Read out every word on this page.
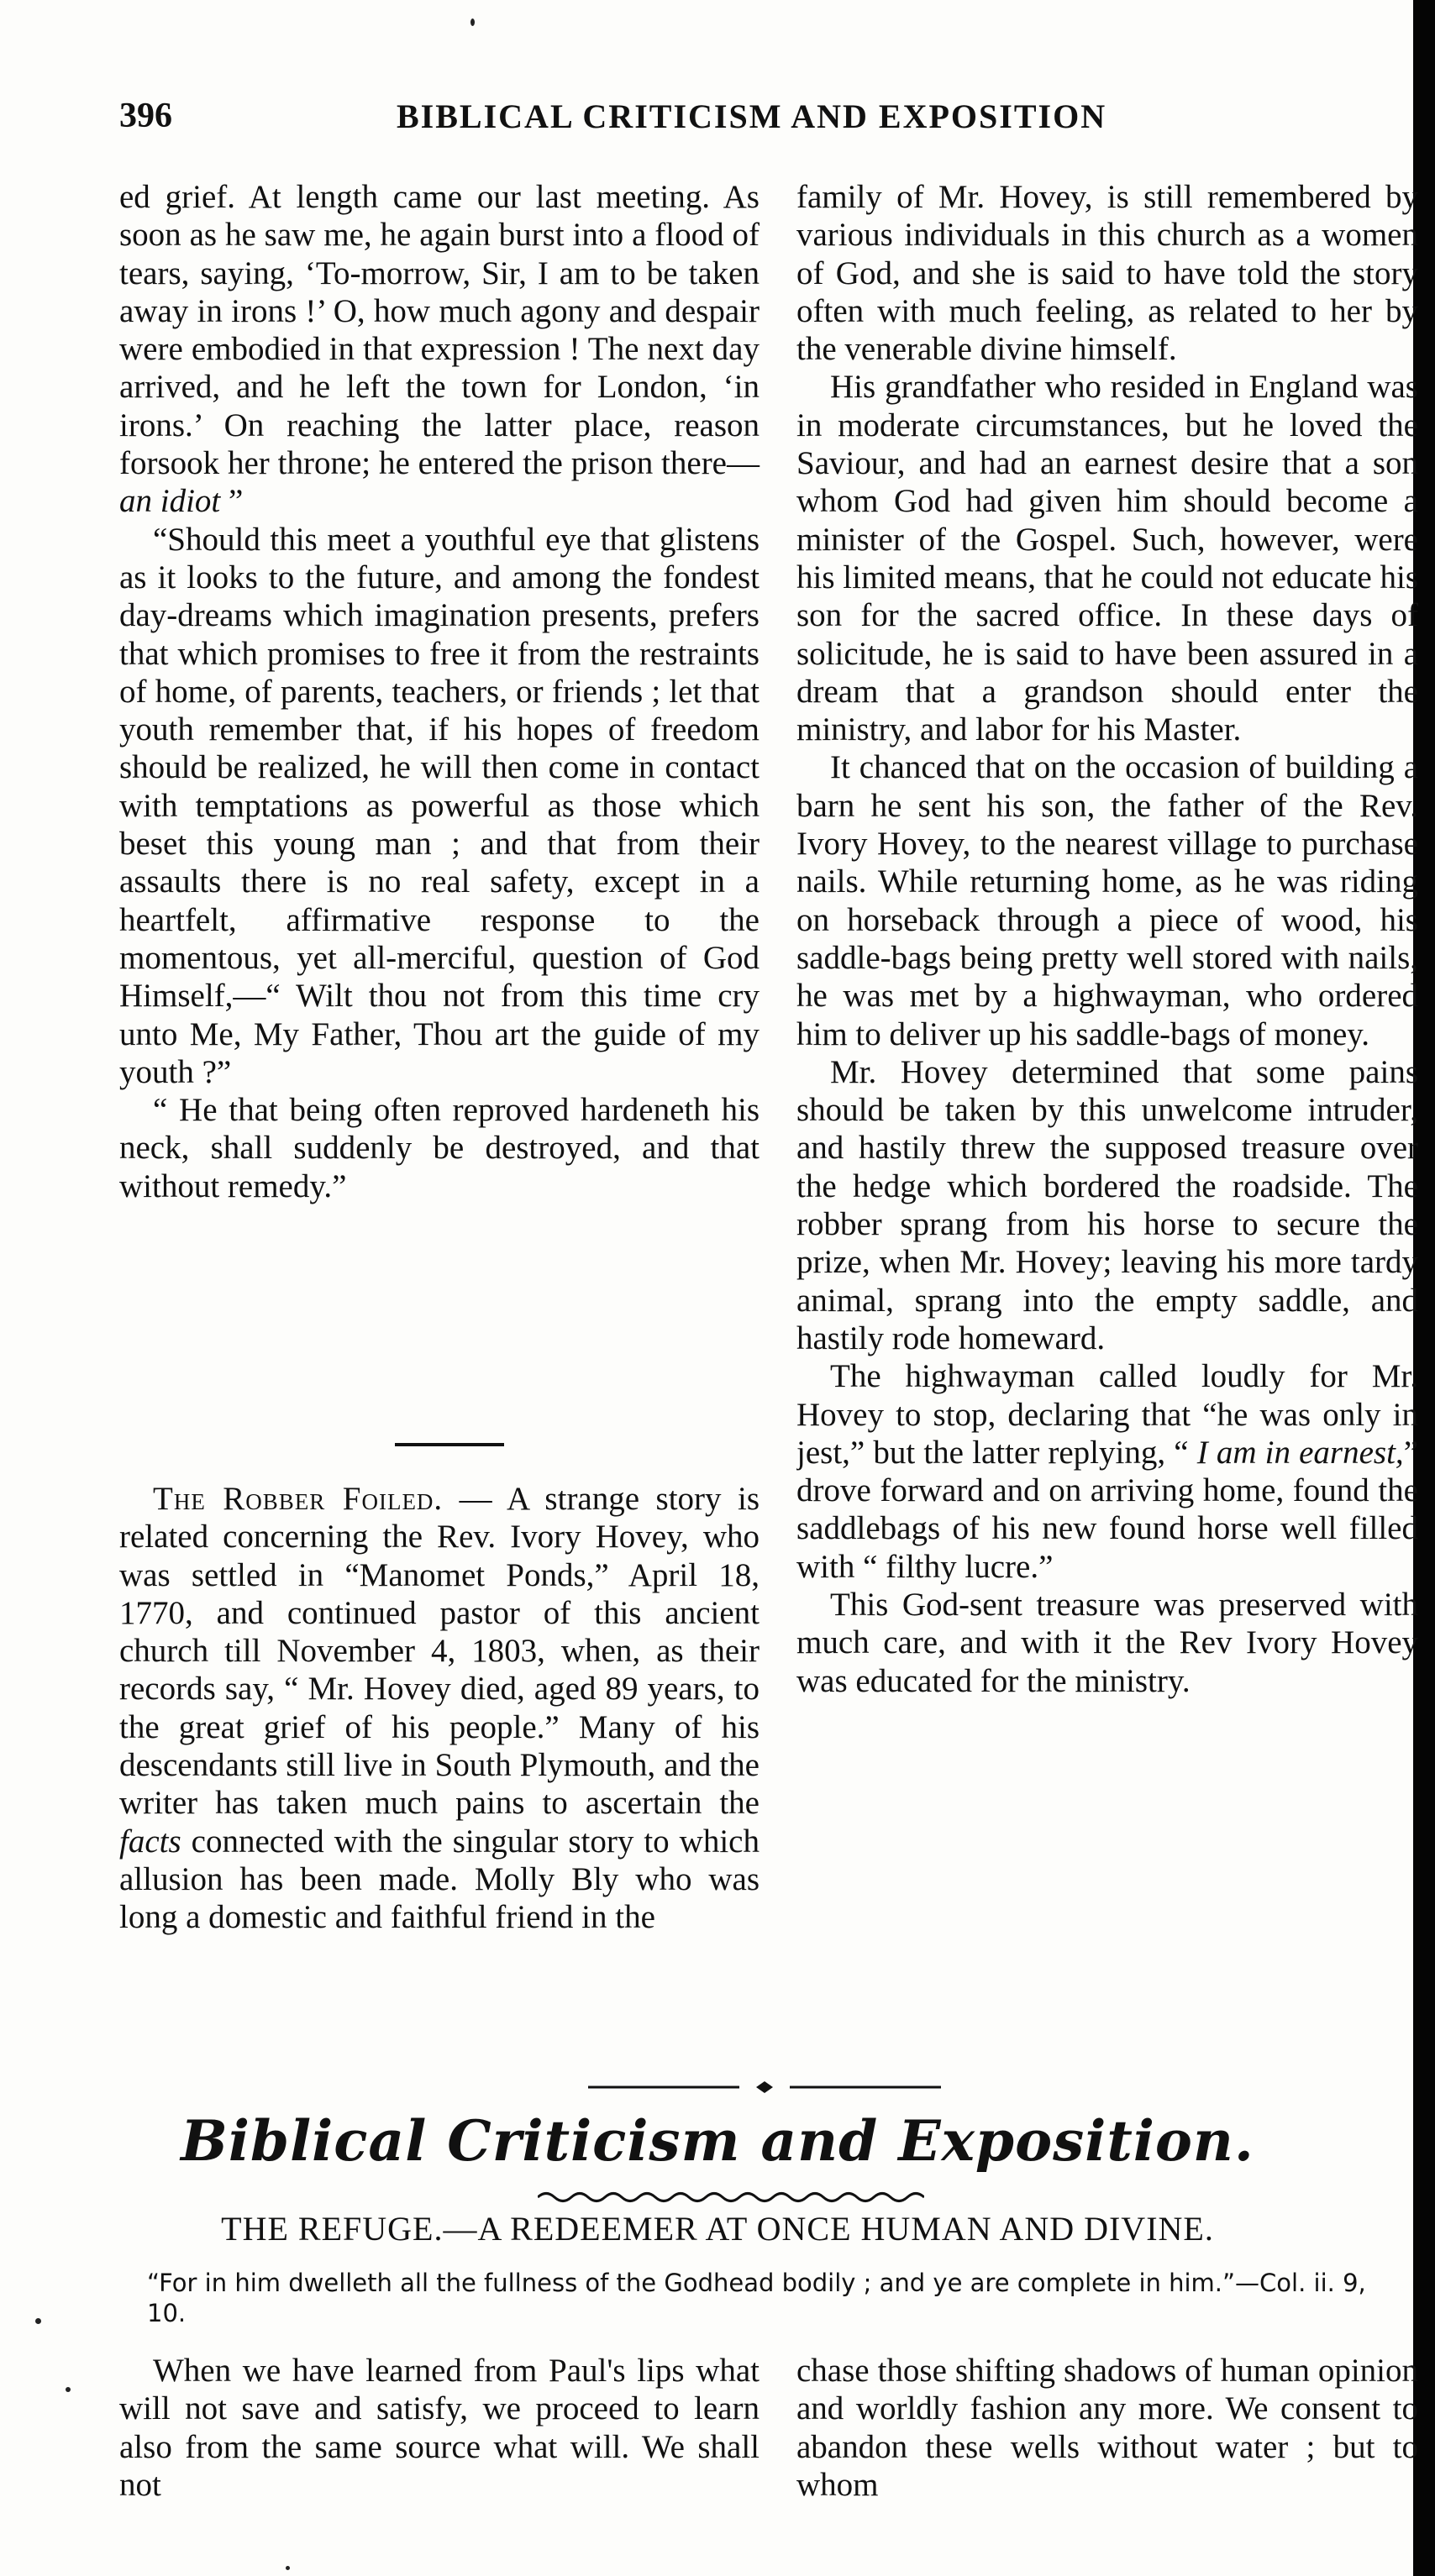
396	BIBLICAL CRITICISM AND EXPOSITION

ed grief. At length came our last meeting. As soon as he saw me, he again burst into a flood of tears, saying, ‘To-morrow, Sir, I am to be taken away in irons !’ O, how much agony and despair were embodied in that expression ! The next day arrived, and he left the town for London, ‘in irons.’ On reaching the latter place, reason forsook her throne; he entered the prison there—an idiot ”

“Should this meet a youthful eye that glistens as it looks to the future, and among the fondest day-dreams which imagination presents, prefers that which promises to free it from the restraints of home, of parents, teachers, or friends ; let that youth remember that, if his hopes of freedom should be realized, he will then come in contact with temptations as powerful as those which beset this young man ; and that from their assaults there is no real safety, except in a heartfelt, affirmative response to the momentous, yet all-merciful, question of God Himself,—“ Wilt thou not from this time cry unto Me, My Father, Thou art the guide of my youth ?”

“ He that being often reproved hardeneth his neck, shall suddenly be destroyed, and that without remedy.”

The Robber Foiled. — A strange story is related concerning the Rev. Ivory Hovey, who was settled in “Manomet Ponds,” April 18, 1770, and continued pastor of this ancient church till November 4, 1803, when, as their records say, “ Mr. Hovey died, aged 89 years, to the great grief of his people.” Many of his descendants still live in South Plymouth, and the writer has taken much pains to ascertain the facts connected with the singular story to which allusion has been made. Molly Bly who was long a domestic and faithful friend in the

family of Mr. Hovey, is still remembered by various individuals in this church as a women of God, and she is said to have told the story often with much feeling, as related to her by the venerable divine himself.

His grandfather who resided in England was in moderate circumstances, but he loved the Saviour, and had an earnest desire that a son whom God had given him should become a minister of the Gospel. Such, however, were his limited means, that he could not educate his son for the sacred office. In these days of solicitude, he is said to have been assured in a dream that a grandson should enter the ministry, and labor for his Master.

It chanced that on the occasion of building a barn he sent his son, the father of the Rev. Ivory Hovey, to the nearest village to purchase nails. While returning home, as he was riding on horseback through a piece of wood, his saddle-bags being pretty well stored with nails, he was met by a highwayman, who ordered him to deliver up his saddle-bags of money.

Mr. Hovey determined that some pains should be taken by this unwelcome intruder, and hastily threw the supposed treasure over the hedge which bordered the roadside. The robber sprang from his horse to secure the prize, when Mr. Hovey; leaving his more tardy animal, sprang into the empty saddle, and hastily rode homeward.

The highwayman called loudly for Mr. Hovey to stop, declaring that “he was only in jest,” but the latter replying, “ I am in earnest,” drove forward and on arriving home, found the saddlebags of his new found horse well filled with “ filthy lucre.”

This God-sent treasure was preserved with much care, and with it the Rev Ivory Hovey was educated for the ministry.

Biblical Criticism and Exposition.
THE REFUGE.—A REDEEMER AT ONCE HUMAN AND DIVINE.
“For in him dwelleth all the fullness of the Godhead bodily ; and ye are complete in him.”—Col. ii. 9, 10.

When we have learned from Paul's lips what will not save and satisfy, we proceed to learn also from the same source what will. We shall not

chase those shifting shadows of human opinion and worldly fashion any more. We consent to abandon these wells without water ; but to whom
